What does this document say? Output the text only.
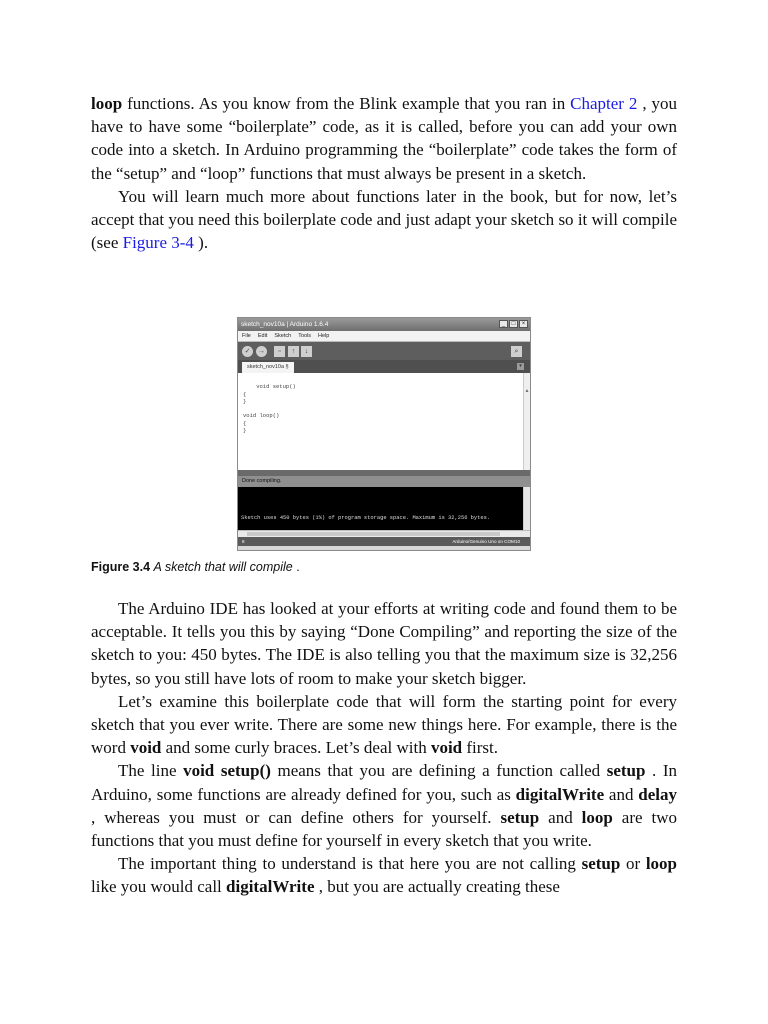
loop functions. As you know from the Blink example that you ran in Chapter 2 , you have to have some “boilerplate” code, as it is called, before you can add your own code into a sketch. In Arduino programming the “boilerplate” code takes the form of the “setup” and “loop” functions that must always be present in a sketch.

You will learn much more about functions later in the book, but for now, let’s accept that you need this boilerplate code and just adapt your sketch so it will compile (see Figure 3-4 ).

sketch_nov10a | Arduino 1.6.4	_	□	×
File Edit Sketch Tools Help
✓	→	▫	↑	↓	⌕
sketch_nov10a §	▾

void setup()
{
}

void loop()
{
}

▲

Done compiling.

Sketch uses 450 bytes (1%) of program storage space. Maximum is 32,256 bytes.

8	Arduino/Genuino Uno on COM10
Figure 3.4 A sketch that will compile .

The Arduino IDE has looked at your efforts at writing code and found them to be acceptable. It tells you this by saying “Done Compiling” and reporting the size of the sketch to you: 450 bytes. The IDE is also telling you that the maximum size is 32,256 bytes, so you still have lots of room to make your sketch bigger.

Let’s examine this boilerplate code that will form the starting point for every sketch that you ever write. There are some new things here. For example, there is the word void and some curly braces. Let’s deal with void first.

The line void setup() means that you are defining a function called setup . In Arduino, some functions are already defined for you, such as digitalWrite and delay , whereas you must or can define others for yourself. setup and loop are two functions that you must define for yourself in every sketch that you write.

The important thing to understand is that here you are not calling setup or loop like you would call digitalWrite , but you are actually creating these
